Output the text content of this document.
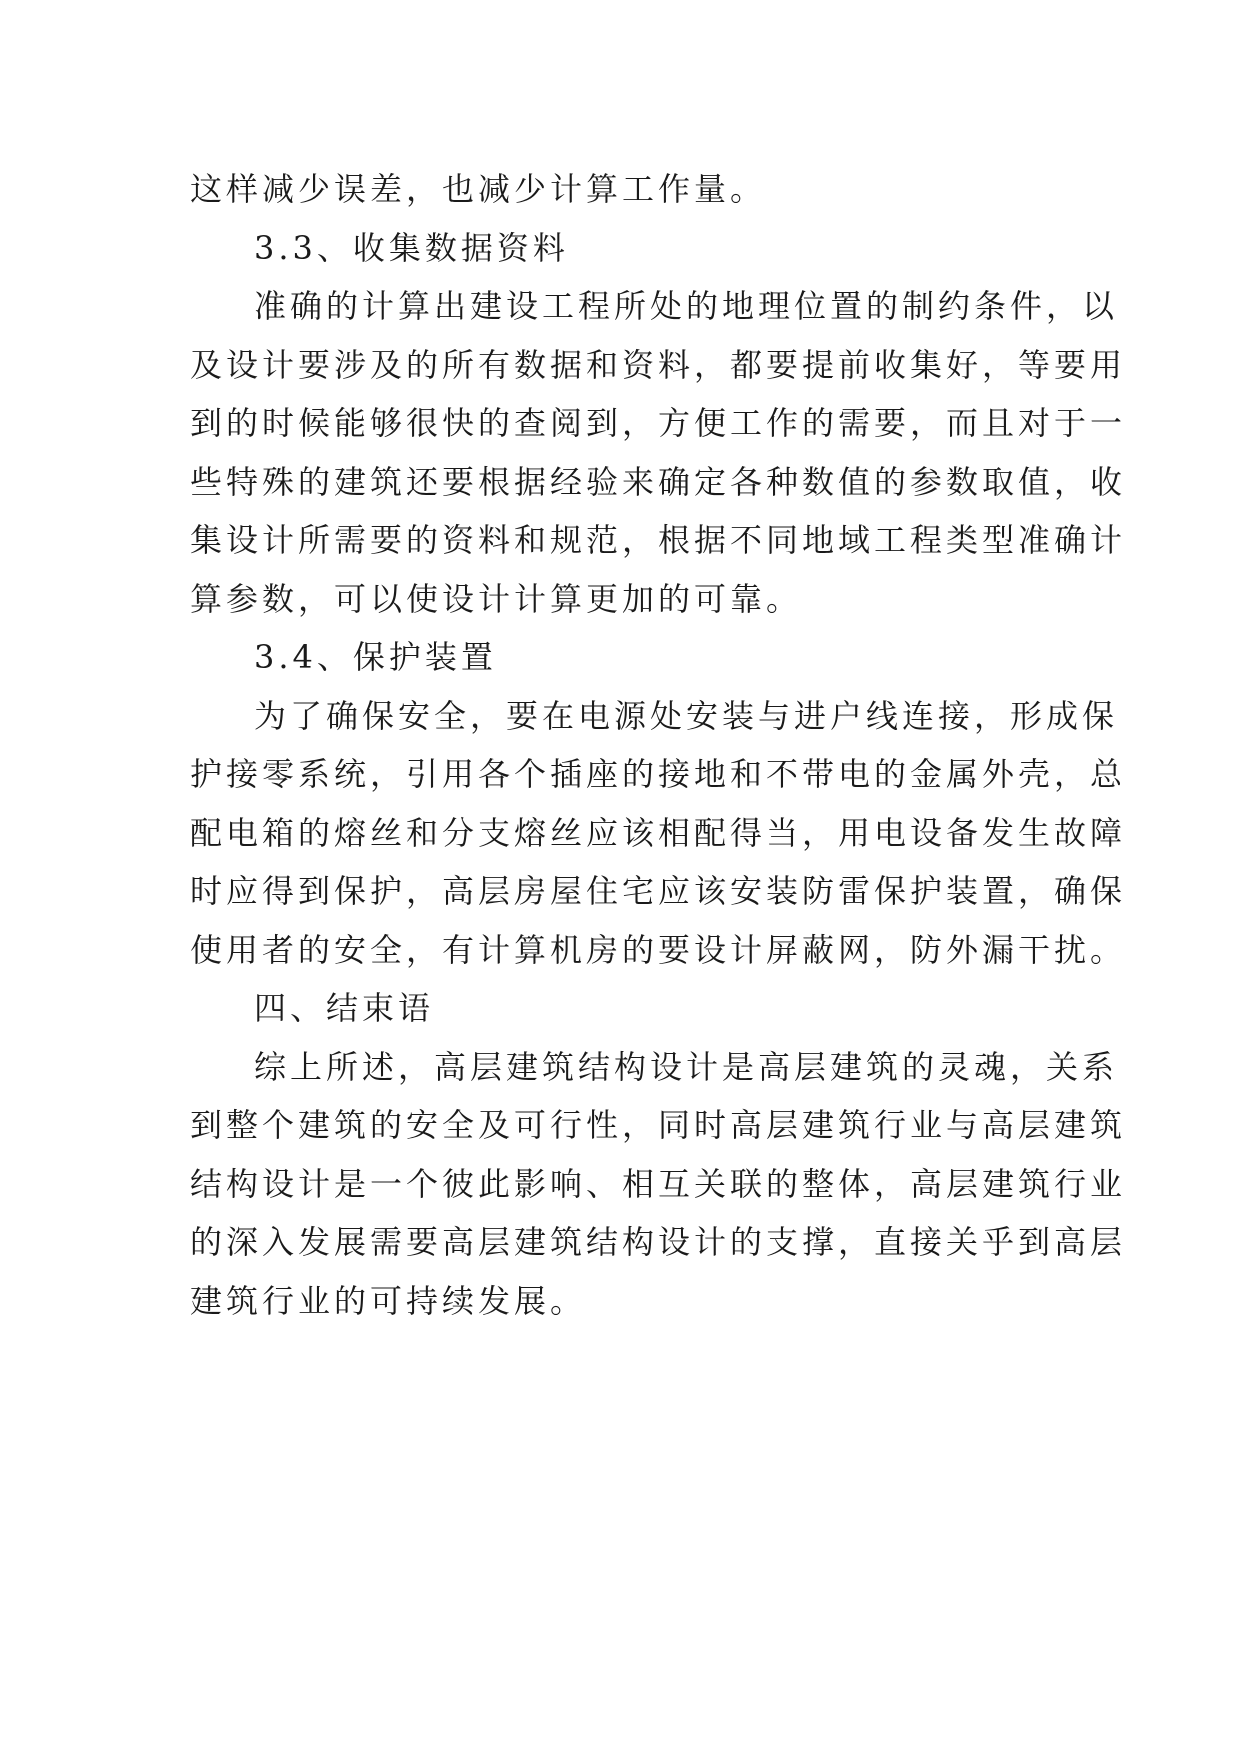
这样减少误差，也减少计算工作量。
3.3、收集数据资料
准确的计算出建设工程所处的地理位置的制约条件，以
及设计要涉及的所有数据和资料，都要提前收集好，等要用
到的时候能够很快的查阅到，方便工作的需要，而且对于一
些特殊的建筑还要根据经验来确定各种数值的参数取值，收
集设计所需要的资料和规范，根据不同地域工程类型准确计
算参数，可以使设计计算更加的可靠。
3.4、保护装置
为了确保安全，要在电源处安装与进户线连接，形成保
护接零系统，引用各个插座的接地和不带电的金属外壳，总
配电箱的熔丝和分支熔丝应该相配得当，用电设备发生故障
时应得到保护，高层房屋住宅应该安装防雷保护装置，确保
使用者的安全，有计算机房的要设计屏蔽网，防外漏干扰。
四、结束语
综上所述，高层建筑结构设计是高层建筑的灵魂，关系
到整个建筑的安全及可行性，同时高层建筑行业与高层建筑
结构设计是一个彼此影响、相互关联的整体，高层建筑行业
的深入发展需要高层建筑结构设计的支撑，直接关乎到高层
建筑行业的可持续发展。
